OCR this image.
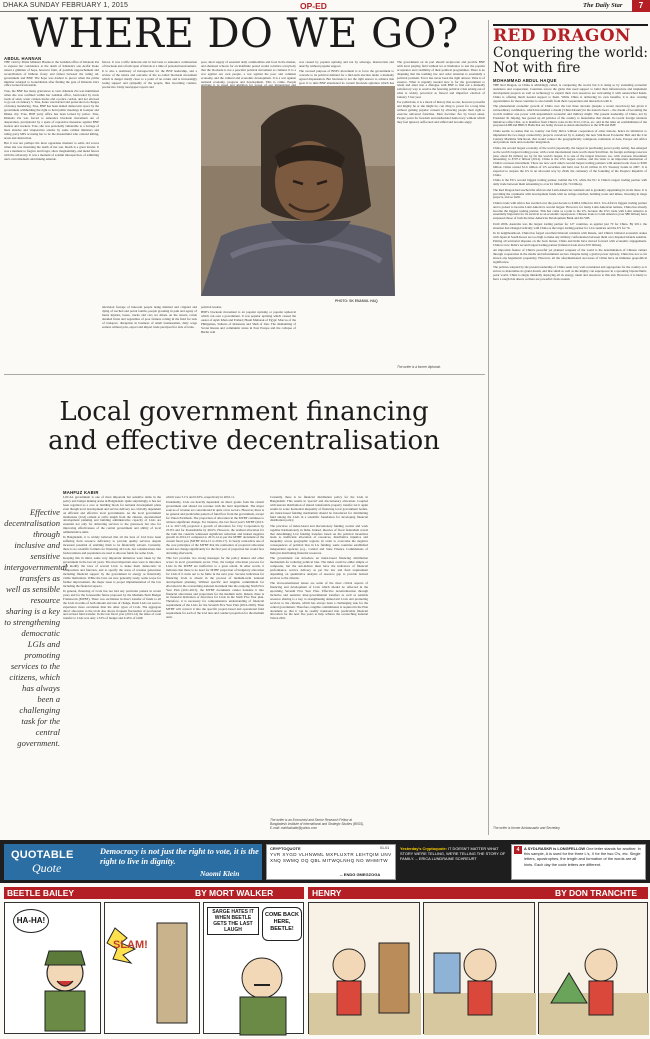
DHAKA SUNDAY FEBRUARY 1, 2015	OP-ED	The Daily Star	7
WHERE DO WE GO?
ABDUL HANNAN

THE visit by Prime Minister Hasina to the Gulshan office of Khaleda Zia to express her condolence at the death of Khaleda's son Arafat Koko raised a glimmer of hope, however faint, of possible rapprochement and reconciliation of hitherto frosty and famed between the ruling AL government and BNP. The hope was dashed to pieces when the prime minister returned to Gonobhaban after finding the gate of Khaleda Zia's office locked from inside.

True, the BNP has many grievances to vent. Khaleda Zia was humiliated when she was confined within her Gulshan office, barricaded by truck loads of sand, water cannon trucks and a police cordon, and not allowed to go out on January 5. True, Koko was harried and persecuted on charges of money laundering. True, BNP has been denied democratic space by the government withholding the right to hold public meetings in Gazipur and Dhaka city. True, BNP party office has been locked by police. True, Khaleda Zia was forced to announce blockade movement out of desperation, precipitated by a spate of repressive measures against BNP leaders and workers. True, she was personally vulnerable to a barrage of most abusive and vituperative attacks by some cabinet ministers and ruling party MPs accusing her to be the mastermind who ordered killing, arson and destruction.

But it was not perhaps the most opportune moment to settle old scores when she was mourning the death of her son. Death is a great leveler. It was a moment to forgive and forget, show magnanimity, and mend fences with the adversary. It was a moment of solemn introspection, of admitting one's own misdeeds and making amends.

fences. It was a trifle indecent and in bad taste to announce continuation of blockade and a fresh spate of hartals at a time of personal bereavement.

It is also a testimony of introspection for the BNP leadership, and a review of the nature and outcome of the so-called blockade movement which is danger madly close to a point of no return and is increasingly losing support and sympathy of the people, thus becoming counter-productive. Daily newspaper reports and

pore, short supply of essential daily commodities and food in the market, and shattered schools for an indefinite period would convince everybody that the blockade is not a peaceful political movement as claimed. It is a war against our own people, a war against the poor and common economy, and the cultural and economic development. It is a war against national economy, progress and development. This is crime. People

was caused by popular uprising and not by sabotage, insurrection and anarchy without popular support.

The avowed purpose of BNP's movement is to force the government to concede to its political demand for a mid-term election under a mutually agreed dispensation. But blockade is not the right answer to achieve that goal. It is time BNP abandoned its current blockade agitation which has

The government on its part should reciprocate and provide BNP with level playing field without let or hindrance to test the popular acceptance and credibility of their political programmes. There is no disputing that the teething law and order situation is essentially a political problem. Force has never been the right answer. Time is of essence. What is urgently needed now is for the government to relent and enter into a dialogue with BNP to find out a mutually satisfactory way to resolve the festering political crisis arising out of what is widely perceived as flawed and imperfect election of January 5 last year.

For politicians, it is a moral of history that as one, however powerful and mighty he or she might be, can cling to power for a long time without gaining popular consent by allowing people their right to exercise universal franchise. Matt doctrine: fire by bread alone. People yearn for freedom and unshackled democracy without which they feel ignored, suffocated and stifled and become angry.

PHOTO: SK ENAMUL HAQ

television footage of innocent people being maimed and crippled and dying of torched and petrol bombs, people groaning in pain and agony of burns injuries, buses, trucks and cars set ablaze on the streets, rotten derailed fruits and vegetables of poor farmers rotting in the field for lack of transport, disruption in business of small businessmen, daily wage earners without jobs, export and import trade paralysed for lack of trans-

political leaders.

BNP's blockade movement is an popular uprising or popular upheaval which can oust a government. It was popular uprising which caused the ouster of Ayub Khan and Ershad; Hosni Mubarak of Egypt; Marcos of the Philippines, Suharto of Indonesia and Shah of Iran. The dismantling of Soviet Russia and communist states in East Europe and the collapse of Berlin wall

The writer is a former diplomat.
RED DRAGON
Conquering the world: Not with fire
MOHAMMAD ABDUL HAQUE

THE Red Dragon, as China is admiringly called, is conquering the world, but it is doing so by extending economic assistance and cooperation. Countries across the globe that need support to build their infrastructure and implement development projects as well as technology to exploit their own resources are welcoming it with outstretched hands. China is offering much needed support to them. While China is delivering its own benefits, it is also creating opportunities for those countries to also benefit from their cooperation and interaction with it.

The phenomenal economic growth of China over the last three decades (despite a recent slowdown) has given it extraordinary confidence, which has kindled a dream ('China Dream') in the nation's heart -- the dream of becoming the world's number one power with unparalleled economic and military might. The present leadership of China, led by President Xi Jinping, has geared up all policies of the country to materialise that dream. Its recent foreign relations initiatives reflect that, as is manifest from China's roles in the SCO, CICA, etc. and in the talks on establishment of the proposed AIIB and BRICS Bank that are being viewed as Asian alternatives to the WB and IMF.

China seems to realise that no country can fully thrive without cooperation of other nations, hence its initiatives to implement the two mega connectivity projects conceived by it, namely the new Silk Road Economic Belt and the 21st Century Maritime Silk Road, that would connect the geographically contiguous continents of Asia, Europe and Africa and promote trade and economic integration.

China, the second largest economy of the world (reportedly, the largest in purchasing power parity terms), has emerged as the world's largest trading power, with a total international trade worth about $4 trillion. Its foreign exchange reserves (also about $4 trillion) are by far the world's largest. It is one of the largest investors too, with overseas investment amounting to $707.2 billion (2014). China is the US's largest creditor, and the latter is an important destination of China's overseas investment. There are now each other's second largest trading partners with annual trade close to $500 billion. China owned $1.6 trillion of US securities and held over $1.16 trillion in US Treasury bonds in 2007. It is expected to surpass the US in an all-round way by 2049, the centenary of the founding of the People's Republic of China.

China is the EU's second biggest trading partner, behind the US, while the EU is China's largest trading partner with daily trade between them amounting to over €1 billion ($1.74 billion).

The Red Dragon had reached the African and Latin American continent and is gradually supplanting its rivals there. It is providing the continents with development funds with no strings attached, building roads and mines, investing in mega projects, and so forth.

China's trade with Africa has swelled over the past decade to $198.4 billion in 2012. It is Africa's biggest trading partner and is poised to become Latin America's second largest. However, for many Latin American nations, China has already become the biggest trading partner. This has come as a pain to the US, because the US's trade with Latin America is essentially important for its survival as an economic superpower. Chinese loans to Latin America (over $80 billion) have surpassed those of both the Inter-American Development Bank and the WB.

Until 2006, Australia was the largest trading partner for 127 countries, as against just 70 for China. By 2011, the situation had changed radically with China as the larger trading partner for 124 countries and the US for 76.

In its neighbourhood, China has forged excellent bilateral relations with Russia, and China's bilateral economic stakes with Japan in South Korea are too high to make any military confrontation between them over disputed islands sensible. Putting all territorial disputes on the back burner, China and India have moved forward with economic engagements. China is now India's second largest trading partner (bilateral trade above $70 billion).

An important feature of China's peaceful yet planned conquest of the world is the determination of Chinese culture through cooperation in the media and infotainment sectors. Despite being a global power dynasty, China has not so far shown any hegemonic propensity. However, all the aforementioned successes of China have an immense geopolitical significance.

The policies adopted by the present leadership of China seem very well-considered and appropriate for the country as it strives to materialise its grand dream, and that small as well as the mighty can superpower in a sprouting bipolar/multi-polar world. China is single mindedly deploying all its energy, talent and resources to this end. However, it is likely to have a rough ride ahead, as there are powerful rivals around.

The writer is former Ambassador and Secretary.
Local government financing
and effective decentralisation
MAHFUZ KABIR
Effective decentralisation through inclusive and sensitive intergovernmental transfers as well as sensible resource sharing is a key to strengthening democratic LGIs and promoting services to the citizens, which has always been a challenging task for the central government.

LOCAL government is one of most important but sensitive items in the policy and budget making arena in Bangladesh. Quite surprisingly, it has not been regarded as a core or building block for national development plans even though local development and service delivery are critically dependent on efficient and effective local governments. As the local government institutions (LGI) remain at arm's length from the citizens, decentralised development planning and building administrative capacity of LGIs are essential not only for delivering services to the grassroots but also for improving effectiveness of the central government and ability of local administrative units.

In Bangladesh, it is widely believed that all the tiers of LGI have been suffering from resource deficiency to provide quality services despite incessant potential of enabling them to be financially solvent. Currently, there is no scientific formula for financing all LGIs, but considerations like backwardness and population are used to allocate funds for some LGIs.

Keeping this in mind, some very important initiatives were taken by the government in the last six years. The most important ones were to introduce and modify the laws of several LGIs to make them democratic in composition and function, and to specify the areas of revenue generation including financial support by the government in energy as financially viable institutions. While the laws are now generally ready, some scope for further improvement, the major issue is proper implementation of the law including the financial aspects.

In general, financing of LGIs has not had any particular pattern in recent years and for the foreseeable future proposed by the Medium-Term Budget Framework (MTBF). There was oscillation in direct transfer of funds to all the LGIs in terms of both amount and rate of change. Rural LGIs are seen to experience more escalation than the other types of LGIs. The aggregate direct allocation to the LGIs also shows frequent fluctuation of provisional and revised fund transfer. In the last fiscal year (2013-14) the share of total transfer to LGIs was only 1.53% of budget and 0.43% of GDP,

which were 5.1% and 0.63%, respectively in 2010-11.

Undeniably, LGIs are heavily dependent on direct grants from the central government and shared tax revenue with the land department. The major sources of revenue are concentrated in quite a few sectors. However, there is no general and predictable pattern of fund flow from the government, except for Union Parishads. The proportion of allocation in the MTBF continues to witness significant change. For instance, the last fiscal year's MTBF (2013-14 to 2017-18) projected a growth of allocation for City Corporation by 25.9% and for Pourashobha by 49.6%. However, the realised allocation for the both the councils witnessed significant reduction and indeed negative growth in 2014-15 compared to 2013-14 as per the MTBF document of the current fiscal year (MTBF 2014-15 to 2016-17). It clearly contradicts one of the core principles of the MTBF that the realisation of projected allocation would not change significantly for the first year of projection but would face deviating afterwards.

This fact provides two strong messages for the policy makers and other actors in local government sector. First, the budget allocation process for LGIs in the MTBF are ineffective to a great extent. In other words, it indicates that there is no need for MTBF projection of budgetary allocation for LGIs if it turns out to be futile in the next year. Second, indication for financing LGIs is absent in the process of medium-term national development planning. Without specific and tangible commitment for allocation in the overarching national document like the outgoing Sixth Five Year Plan (2011-2015), the MTBF documents cannot translate it into financial allocations and projections for the medium term. Indeed, there is no financial indication or directives for LGIs in the Sixth Five Year plan. Therefore, it is necessary for comprehensive understanding of financial requirement of the LGIs for the Seventh Five Year Plan (2016-2020). Then MTBF will convert it into the specific project-based and operational fund requirement for each of the LGI tiers and conduct projection for the medium term.

Currently, there is no financial distribution policy for the LGIs in Bangladesh. This results in 'special' and discretionary allocation. Coupled with uneven distribution of shared transferable property transfer tax it again results in acute horizontal inequality of financing local government bodies. An index-based funding mechanism should be introduced for distributing fund among the LGIs in a scientific foundation for developing financial distribution policy.

The practices of index-based and discretionary funding coexist and work together harmoniously in India. Indeed, theories of fiscal federalism reveal that determining LGI funding transfers based on the political incentives leads to inefficient allocation of resources, distributive injustice and inequality across geographic regions. In order to overcome the negative consequences of political bias in LG funding, some countries established independent agencies (e.g., Central and State Finance Commissions of India) in distributing financial resources.

The government can introduce an index-based financing distribution mechanism for reducing political bias. The index could be either simple or composite, but the sub-indices must have the indicators of financial performance, service delivery as per the law and fund requirement depending on quantitative analysis of resource gap to provide desired services to the citizens.

The above-mentioned issues are some of the most critical aspects of financing and development of LGIs which should be reflected in the upcoming Seventh Five Year Plan. Effective decentralisation through inclusive and sensitive inter-governmental transfers as well as sensible resource sharing is a key to strengthening democratic LGIs and promoting services to the citizens, which has always been a challenging task for the central government. Therefore, tangible commitments is required in the Plan document so that it can be readily translated into predictable financial allocation for the next five years to help achieve the overarching national Vision 2021.

The writer is an Economist and Senior Research Fellow at Bangladesh Institute of International and Strategic Studies (BIISS). E-mail: mahfuzkabir@yahoo.com
QUOTABLE
Quote
Democracy is not just the right to vote, it is the right to live in dignity.
Naomi Klein
CRYPTOQUOTE	01-01
YVR XYGD VLHNWML MXPLUXTR LEHTQIM UNV XNQ SWMQ OQ QBL MITWQLNHQ NO WHMITW
-- ENDG GMEGZOGA
Yesterday's Cryptoquote: IT DOESN'T MATTER WHAT STORY WE'RE TELLING, WE'RE TELLING THE STORY OF FAMILY. -- ERICA LUNDRAINE SCHREURT
4	A SYDLRASKR is LONGFELLOW One letter stands for another. In this sample, A is used for the three L's, X for the two O's, etc. Single letters, apostrophes, the length and formation of the words are all hints. Each day the code letters are different.
BEETLE BAILEY	BY MORT WALKER	HENRY	BY DON TRANCHTE
HA-HA!
SLAM!
SARGE HATES IT WHEN BEETLE GETS THE LAST LAUGH
COME BACK HERE, BEETLE!
